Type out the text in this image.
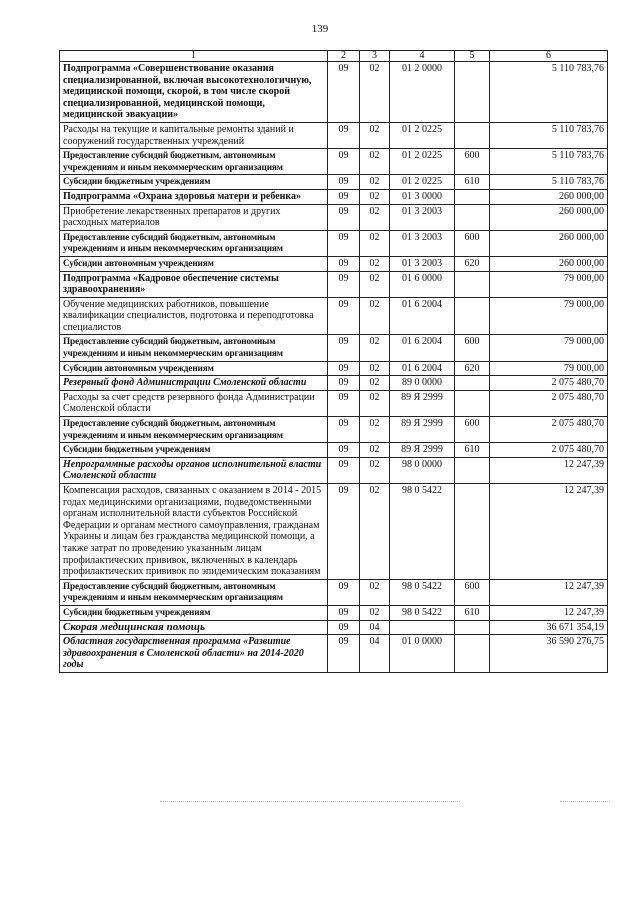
139
1	2	3	4	5	6
Подпрограмма «Совершенствование оказания специализированной, включая высокотехнологичную, медицинской помощи, скорой, в том числе скорой специализированной, медицинской помощи, медицинской эвакуации»	09	02	01 2 0000		5 110 783,76
Расходы на текущие и капитальные ремонты зданий и сооружений государственных учреждений	09	02	01 2 0225		5 110 783,76
Предоставление субсидий бюджетным, автономным учреждениям и иным некоммерческим организациям	09	02	01 2 0225	600	5 110 783,76
Субсидии бюджетным учреждениям	09	02	01 2 0225	610	5 110 783,76
Подпрограмма «Охрана здоровья матери и ребенка»	09	02	01 3 0000		260 000,00
Приобретение лекарственных препаратов и других расходных материалов	09	02	01 3 2003		260 000,00
Предоставление субсидий бюджетным, автономным учреждениям и иным некоммерческим организациям	09	02	01 3 2003	600	260 000,00
Субсидии автономным учреждениям	09	02	01 3 2003	620	260 000,00
Подпрограмма «Кадровое обеспечение системы здравоохранения»	09	02	01 6 0000		79 000,00
Обучение медицинских работников, повышение квалификации специалистов, подготовка и переподготовка специалистов	09	02	01 6 2004		79 000,00
Предоставление субсидий бюджетным, автономным учреждениям и иным некоммерческим организациям	09	02	01 6 2004	600	79 000,00
Субсидии автономным учреждениям	09	02	01 6 2004	620	79 000,00
Резервный фонд Администрации Смоленской области	09	02	89 0 0000		2 075 480,70
Расходы за счет средств резервного фонда Администрации Смоленской области	09	02	89 Я 2999		2 075 480,70
Предоставление субсидий бюджетным, автономным учреждениям и иным некоммерческим организациям	09	02	89 Я 2999	600	2 075 480,70
Субсидии бюджетным учреждениям	09	02	89 Я 2999	610	2 075 480,70
Непрограммные расходы органов исполнительной власти Смоленской области	09	02	98 0 0000		12 247,39
Компенсация расходов, связанных с оказанием в 2014 - 2015 годах медицинскими организациями, подведомственными органам исполнительной власти субъектов Российской Федерации и органам местного самоуправления, гражданам Украины и лицам без гражданства медицинской помощи, а также затрат по проведению указанным лицам профилактических прививок, включенных в календарь профилактических прививок по эпидемическим показаниям	09	02	98 0 5422		12 247,39
Предоставление субсидий бюджетным, автономным учреждениям и иным некоммерческим организациям	09	02	98 0 5422	600	12 247,39
Субсидии бюджетным учреждениям	09	02	98 0 5422	610	12 247,39
Скорая медицинская помощь	09	04			36 671 354,19
Областная государственная программа «Развитие здравоохранения в Смоленской области» на 2014-2020 годы	09	04	01 0 0000		36 590 276,75
